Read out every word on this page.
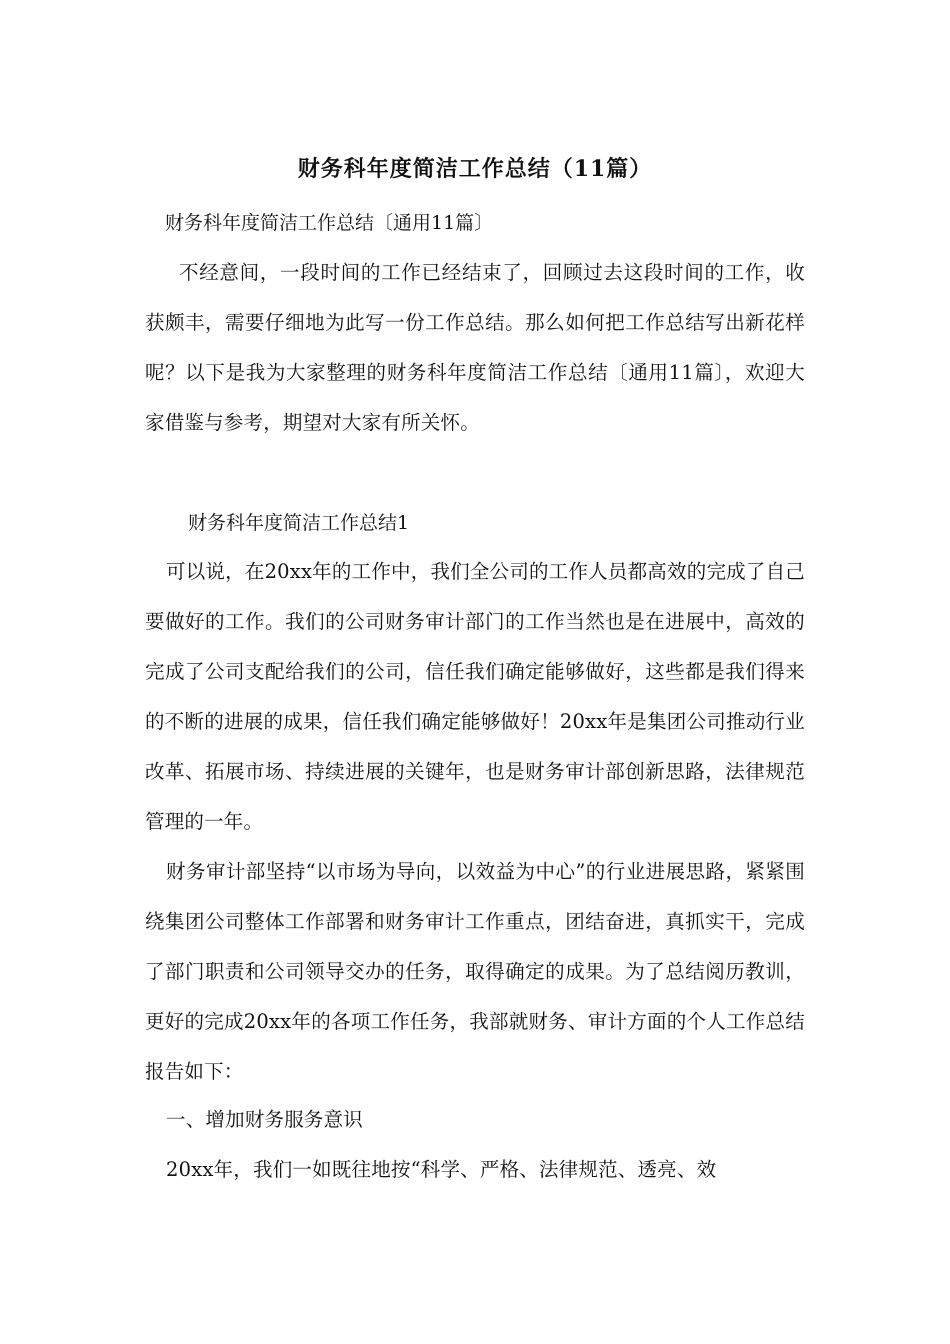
财务科年度简洁工作总结（11篇）
财务科年度简洁工作总结〔通用11篇〕
不经意间，一段时间的工作已经结束了，回顾过去这段时间的工作，收获颇丰，需要仔细地为此写一份工作总结。那么如何把工作总结写出新花样呢？以下是我为大家整理的财务科年度简洁工作总结〔通用11篇〕，欢迎大家借鉴与参考，期望对大家有所关怀。
财务科年度简洁工作总结1
可以说，在20xx年的工作中，我们全公司的工作人员都高效的完成了自己要做好的工作。我们的公司财务审计部门的工作当然也是在进展中，高效的完成了公司支配给我们的公司，信任我们确定能够做好，这些都是我们得来的不断的进展的成果，信任我们确定能够做好！20xx年是集团公司推动行业改革、拓展市场、持续进展的关键年，也是财务审计部创新思路，法律规范管理的一年。
财务审计部坚持“以市场为导向，以效益为中心”的行业进展思路，紧紧围绕集团公司整体工作部署和财务审计工作重点，团结奋进，真抓实干，完成了部门职责和公司领导交办的任务，取得确定的成果。为了总结阅历教训，更好的完成20xx年的各项工作任务，我部就财务、审计方面的个人工作总结报告如下：
一、增加财务服务意识
20xx年，我们一如既往地按“科学、严格、法律规范、透亮、效
